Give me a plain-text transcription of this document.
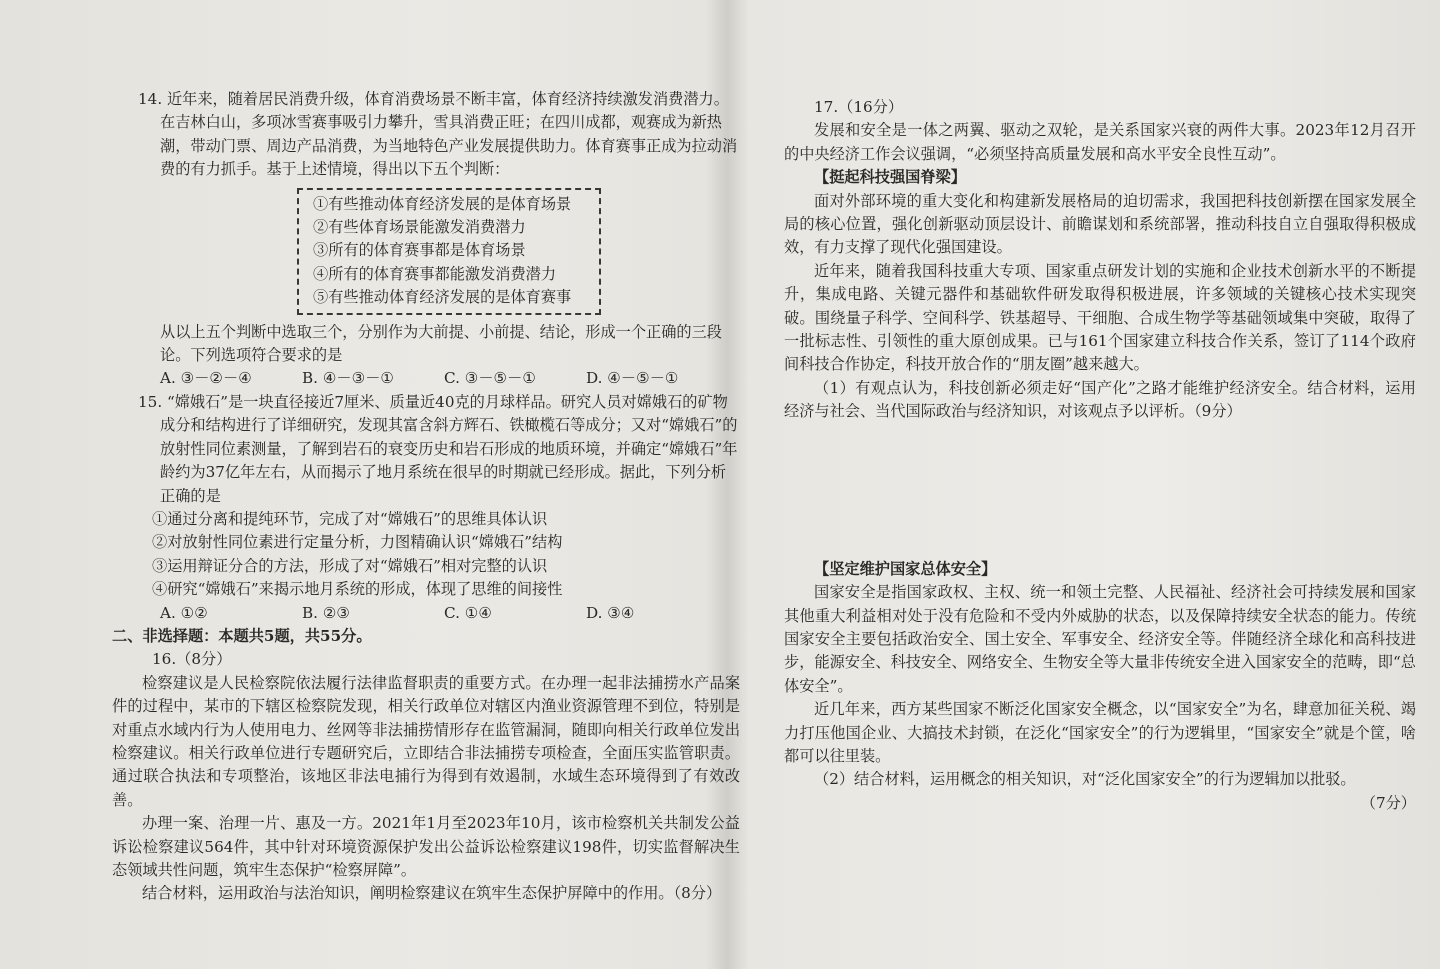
14. 近年来，随着居民消费升级，体育消费场景不断丰富，体育经济持续激发消费潜力。在吉林白山，多项冰雪赛事吸引力攀升，雪具消费正旺；在四川成都，观赛成为新热潮，带动门票、周边产品消费，为当地特色产业发展提供助力。体育赛事正成为拉动消费的有力抓手。基于上述情境，得出以下五个判断：

①有些推动体育经济发展的是体育场景

②有些体育场景能激发消费潜力

③所有的体育赛事都是体育场景

④所有的体育赛事都能激发消费潜力

⑤有些推动体育经济发展的是体育赛事

从以上五个判断中选取三个，分别作为大前提、小前提、结论，形成一个正确的三段论。下列选项符合要求的是

A. ③－②－④	B. ④－③－①	C. ③－⑤－①	D. ④－⑤－①

15. “嫦娥石”是一块直径接近7厘米、质量近40克的月球样品。研究人员对嫦娥石的矿物成分和结构进行了详细研究，发现其富含斜方辉石、铁橄榄石等成分；又对“嫦娥石”的放射性同位素测量，了解到岩石的衰变历史和岩石形成的地质环境，并确定“嫦娥石”年龄约为37亿年左右，从而揭示了地月系统在很早的时期就已经形成。据此，下列分析正确的是

①通过分离和提纯环节，完成了对“嫦娥石”的思维具体认识

②对放射性同位素进行定量分析，力图精确认识“嫦娥石”结构

③运用辩证分合的方法，形成了对“嫦娥石”相对完整的认识

④研究“嫦娥石”来揭示地月系统的形成，体现了思维的间接性

A. ①②	B. ②③	C. ①④	D. ③④

二、非选择题：本题共5题，共55分。

16.（8分）

检察建议是人民检察院依法履行法律监督职责的重要方式。在办理一起非法捕捞水产品案件的过程中，某市的下辖区检察院发现，相关行政单位对辖区内渔业资源管理不到位，特别是对重点水域内行为人使用电力、丝网等非法捕捞情形存在监管漏洞，随即向相关行政单位发出检察建议。相关行政单位进行专题研究后，立即结合非法捕捞专项检查，全面压实监管职责。通过联合执法和专项整治，该地区非法电捕行为得到有效遏制，水域生态环境得到了有效改善。

办理一案、治理一片、惠及一方。2021年1月至2023年10月，该市检察机关共制发公益诉讼检察建议564件，其中针对环境资源保护发出公益诉讼检察建议198件，切实监督解决生态领域共性问题，筑牢生态保护“检察屏障”。

结合材料，运用政治与法治知识，阐明检察建议在筑牢生态保护屏障中的作用。（8分）

17.（16分）

发展和安全是一体之两翼、驱动之双轮，是关系国家兴衰的两件大事。2023年12月召开的中央经济工作会议强调，“必须坚持高质量发展和高水平安全良性互动”。

【挺起科技强国脊梁】

面对外部环境的重大变化和构建新发展格局的迫切需求，我国把科技创新摆在国家发展全局的核心位置，强化创新驱动顶层设计、前瞻谋划和系统部署，推动科技自立自强取得积极成效，有力支撑了现代化强国建设。

近年来，随着我国科技重大专项、国家重点研发计划的实施和企业技术创新水平的不断提升，集成电路、关键元器件和基础软件研发取得积极进展，许多领域的关键核心技术实现突破。围绕量子科学、空间科学、铁基超导、干细胞、合成生物学等基础领域集中突破，取得了一批标志性、引领性的重大原创成果。已与161个国家建立科技合作关系，签订了114个政府间科技合作协定，科技开放合作的“朋友圈”越来越大。

（1）有观点认为，科技创新必须走好“国产化”之路才能维护经济安全。结合材料，运用经济与社会、当代国际政治与经济知识，对该观点予以评析。（9分）

【坚定维护国家总体安全】

国家安全是指国家政权、主权、统一和领土完整、人民福祉、经济社会可持续发展和国家其他重大利益相对处于没有危险和不受内外威胁的状态，以及保障持续安全状态的能力。传统国家安全主要包括政治安全、国土安全、军事安全、经济安全等。伴随经济全球化和高科技进步，能源安全、科技安全、网络安全、生物安全等大量非传统安全进入国家安全的范畴，即“总体安全”。

近几年来，西方某些国家不断泛化国家安全概念，以“国家安全”为名，肆意加征关税、竭力打压他国企业、大搞技术封锁，在泛化“国家安全”的行为逻辑里，“国家安全”就是个筐，啥都可以往里装。

（2）结合材料，运用概念的相关知识，对“泛化国家安全”的行为逻辑加以批驳。

（7分）
